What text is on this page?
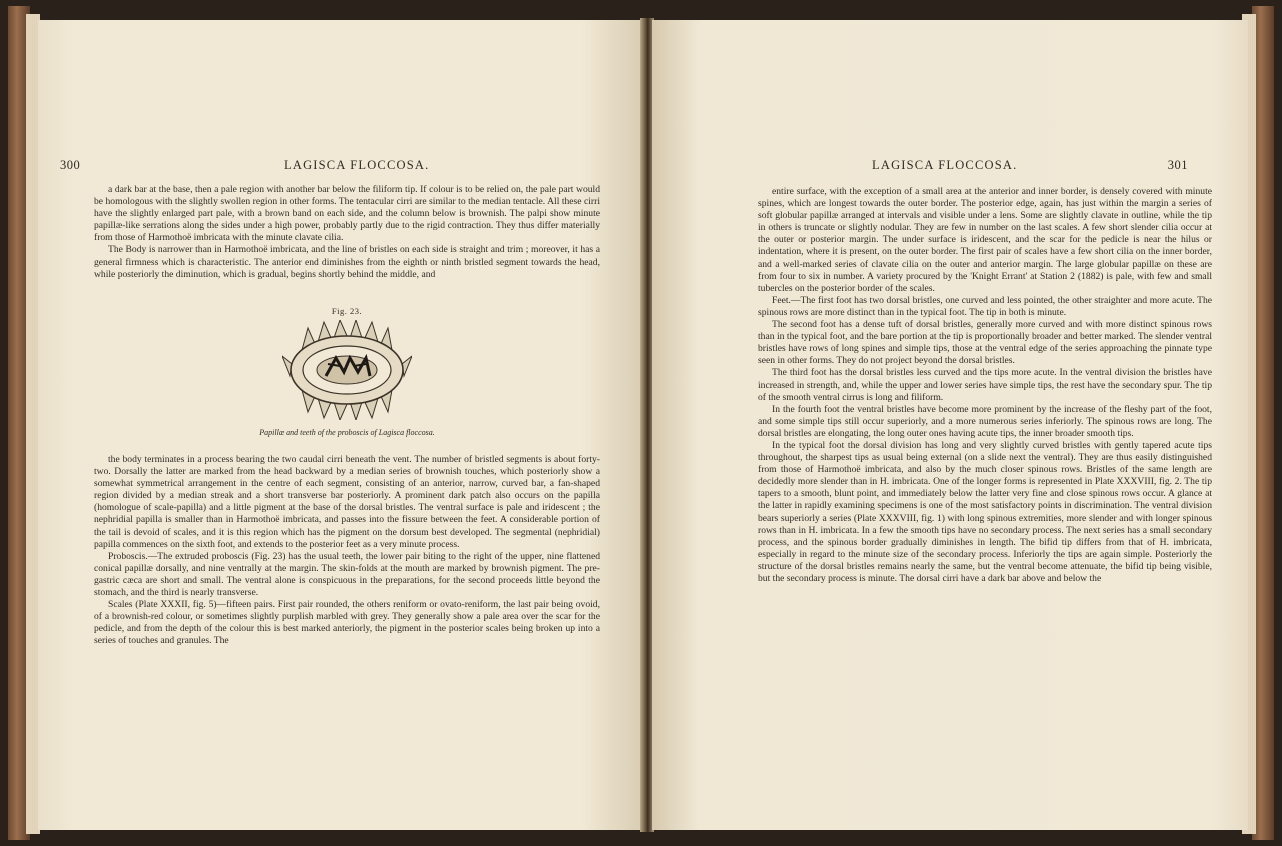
300	LAGISCA FLOCCOSA.

a dark bar at the base, then a pale region with another bar below the filiform tip. If colour is to be relied on, the pale part would be homologous with the slightly swollen region in other forms. The tentacular cirri are similar to the median tentacle. All these cirri have the slightly enlarged part pale, with a brown band on each side, and the column below is brownish. The palpi show minute papillæ-like serrations along the sides under a high power, probably partly due to the rigid contraction. They thus differ materially from those of Harmothoë imbricata with the minute clavate cilia.

The Body is narrower than in Harmothoë imbricata, and the line of bristles on each side is straight and trim ; moreover, it has a general firmness which is characteristic. The anterior end diminishes from the eighth or ninth bristled segment towards the head, while posteriorly the diminution, which is gradual, begins shortly behind the middle, and

Fig. 23.
Papillæ and teeth of the proboscis of Lagisca floccosa.

the body terminates in a process bearing the two caudal cirri beneath the vent. The number of bristled segments is about forty-two. Dorsally the latter are marked from the head backward by a median series of brownish touches, which posteriorly show a somewhat symmetrical arrangement in the centre of each segment, consisting of an anterior, narrow, curved bar, a fan-shaped region divided by a median streak and a short transverse bar posteriorly. A prominent dark patch also occurs on the papilla (homologue of scale-papilla) and a little pigment at the base of the dorsal bristles. The ventral surface is pale and iridescent ; the nephridial papilla is smaller than in Harmothoë imbricata, and passes into the fissure between the feet. A considerable portion of the tail is devoid of scales, and it is this region which has the pigment on the dorsum best developed. The segmental (nephridial) papilla commences on the sixth foot, and extends to the posterior feet as a very minute process.

Proboscis.—The extruded proboscis (Fig. 23) has the usual teeth, the lower pair biting to the right of the upper, nine flattened conical papillæ dorsally, and nine ventrally at the margin. The skin-folds at the mouth are marked by brownish pigment. The pre-gastric cæca are short and small. The ventral alone is conspicuous in the preparations, for the second proceeds little beyond the stomach, and the third is nearly transverse.

Scales (Plate XXXII, fig. 5)—fifteen pairs. First pair rounded, the others reniform or ovato-reniform, the last pair being ovoid, of a brownish-red colour, or sometimes slightly purplish marbled with grey. They generally show a pale area over the scar for the pedicle, and from the depth of the colour this is best marked anteriorly, the pigment in the posterior scales being broken up into a series of touches and granules. The

LAGISCA FLOCCOSA.	301

entire surface, with the exception of a small area at the anterior and inner border, is densely covered with minute spines, which are longest towards the outer border. The posterior edge, again, has just within the margin a series of soft globular papillæ arranged at intervals and visible under a lens. Some are slightly clavate in outline, while the tip in others is truncate or slightly nodular. They are few in number on the last scales. A few short slender cilia occur at the outer or posterior margin. The under surface is iridescent, and the scar for the pedicle is near the hilus or indentation, where it is present, on the outer border. The first pair of scales have a few short cilia on the inner border, and a well-marked series of clavate cilia on the outer and anterior margin. The large globular papillæ on these are from four to six in number. A variety procured by the 'Knight Errant' at Station 2 (1882) is pale, with few and small tubercles on the posterior border of the scales.

Feet.—The first foot has two dorsal bristles, one curved and less pointed, the other straighter and more acute. The spinous rows are more distinct than in the typical foot. The tip in both is minute.

The second foot has a dense tuft of dorsal bristles, generally more curved and with more distinct spinous rows than in the typical foot, and the bare portion at the tip is proportionally broader and better marked. The slender ventral bristles have rows of long spines and simple tips, those at the ventral edge of the series approaching the pinnate type seen in other forms. They do not project beyond the dorsal bristles.

The third foot has the dorsal bristles less curved and the tips more acute. In the ventral division the bristles have increased in strength, and, while the upper and lower series have simple tips, the rest have the secondary spur. The tip of the smooth ventral cirrus is long and filiform.

In the fourth foot the ventral bristles have become more prominent by the increase of the fleshy part of the foot, and some simple tips still occur superiorly, and a more numerous series inferiorly. The spinous rows are long. The dorsal bristles are elongating, the long outer ones having acute tips, the inner broader smooth tips.

In the typical foot the dorsal division has long and very slightly curved bristles with gently tapered acute tips throughout, the sharpest tips as usual being external (on a slide next the ventral). They are thus easily distinguished from those of Harmothoë imbricata, and also by the much closer spinous rows. Bristles of the same length are decidedly more slender than in H. imbricata. One of the longer forms is represented in Plate XXXVIII, fig. 2. The tip tapers to a smooth, blunt point, and immediately below the latter very fine and close spinous rows occur. A glance at the latter in rapidly examining specimens is one of the most satisfactory points in discrimination. The ventral division bears superiorly a series (Plate XXXVIII, fig. 1) with long spinous extremities, more slender and with longer spinous rows than in H. imbricata. In a few the smooth tips have no secondary process. The next series has a small secondary process, and the spinous border gradually diminishes in length. The bifid tip differs from that of H. imbricata, especially in regard to the minute size of the secondary process. Inferiorly the tips are again simple. Posteriorly the structure of the dorsal bristles remains nearly the same, but the ventral become attenuate, the bifid tip being visible, but the secondary process is minute. The dorsal cirri have a dark bar above and below the
